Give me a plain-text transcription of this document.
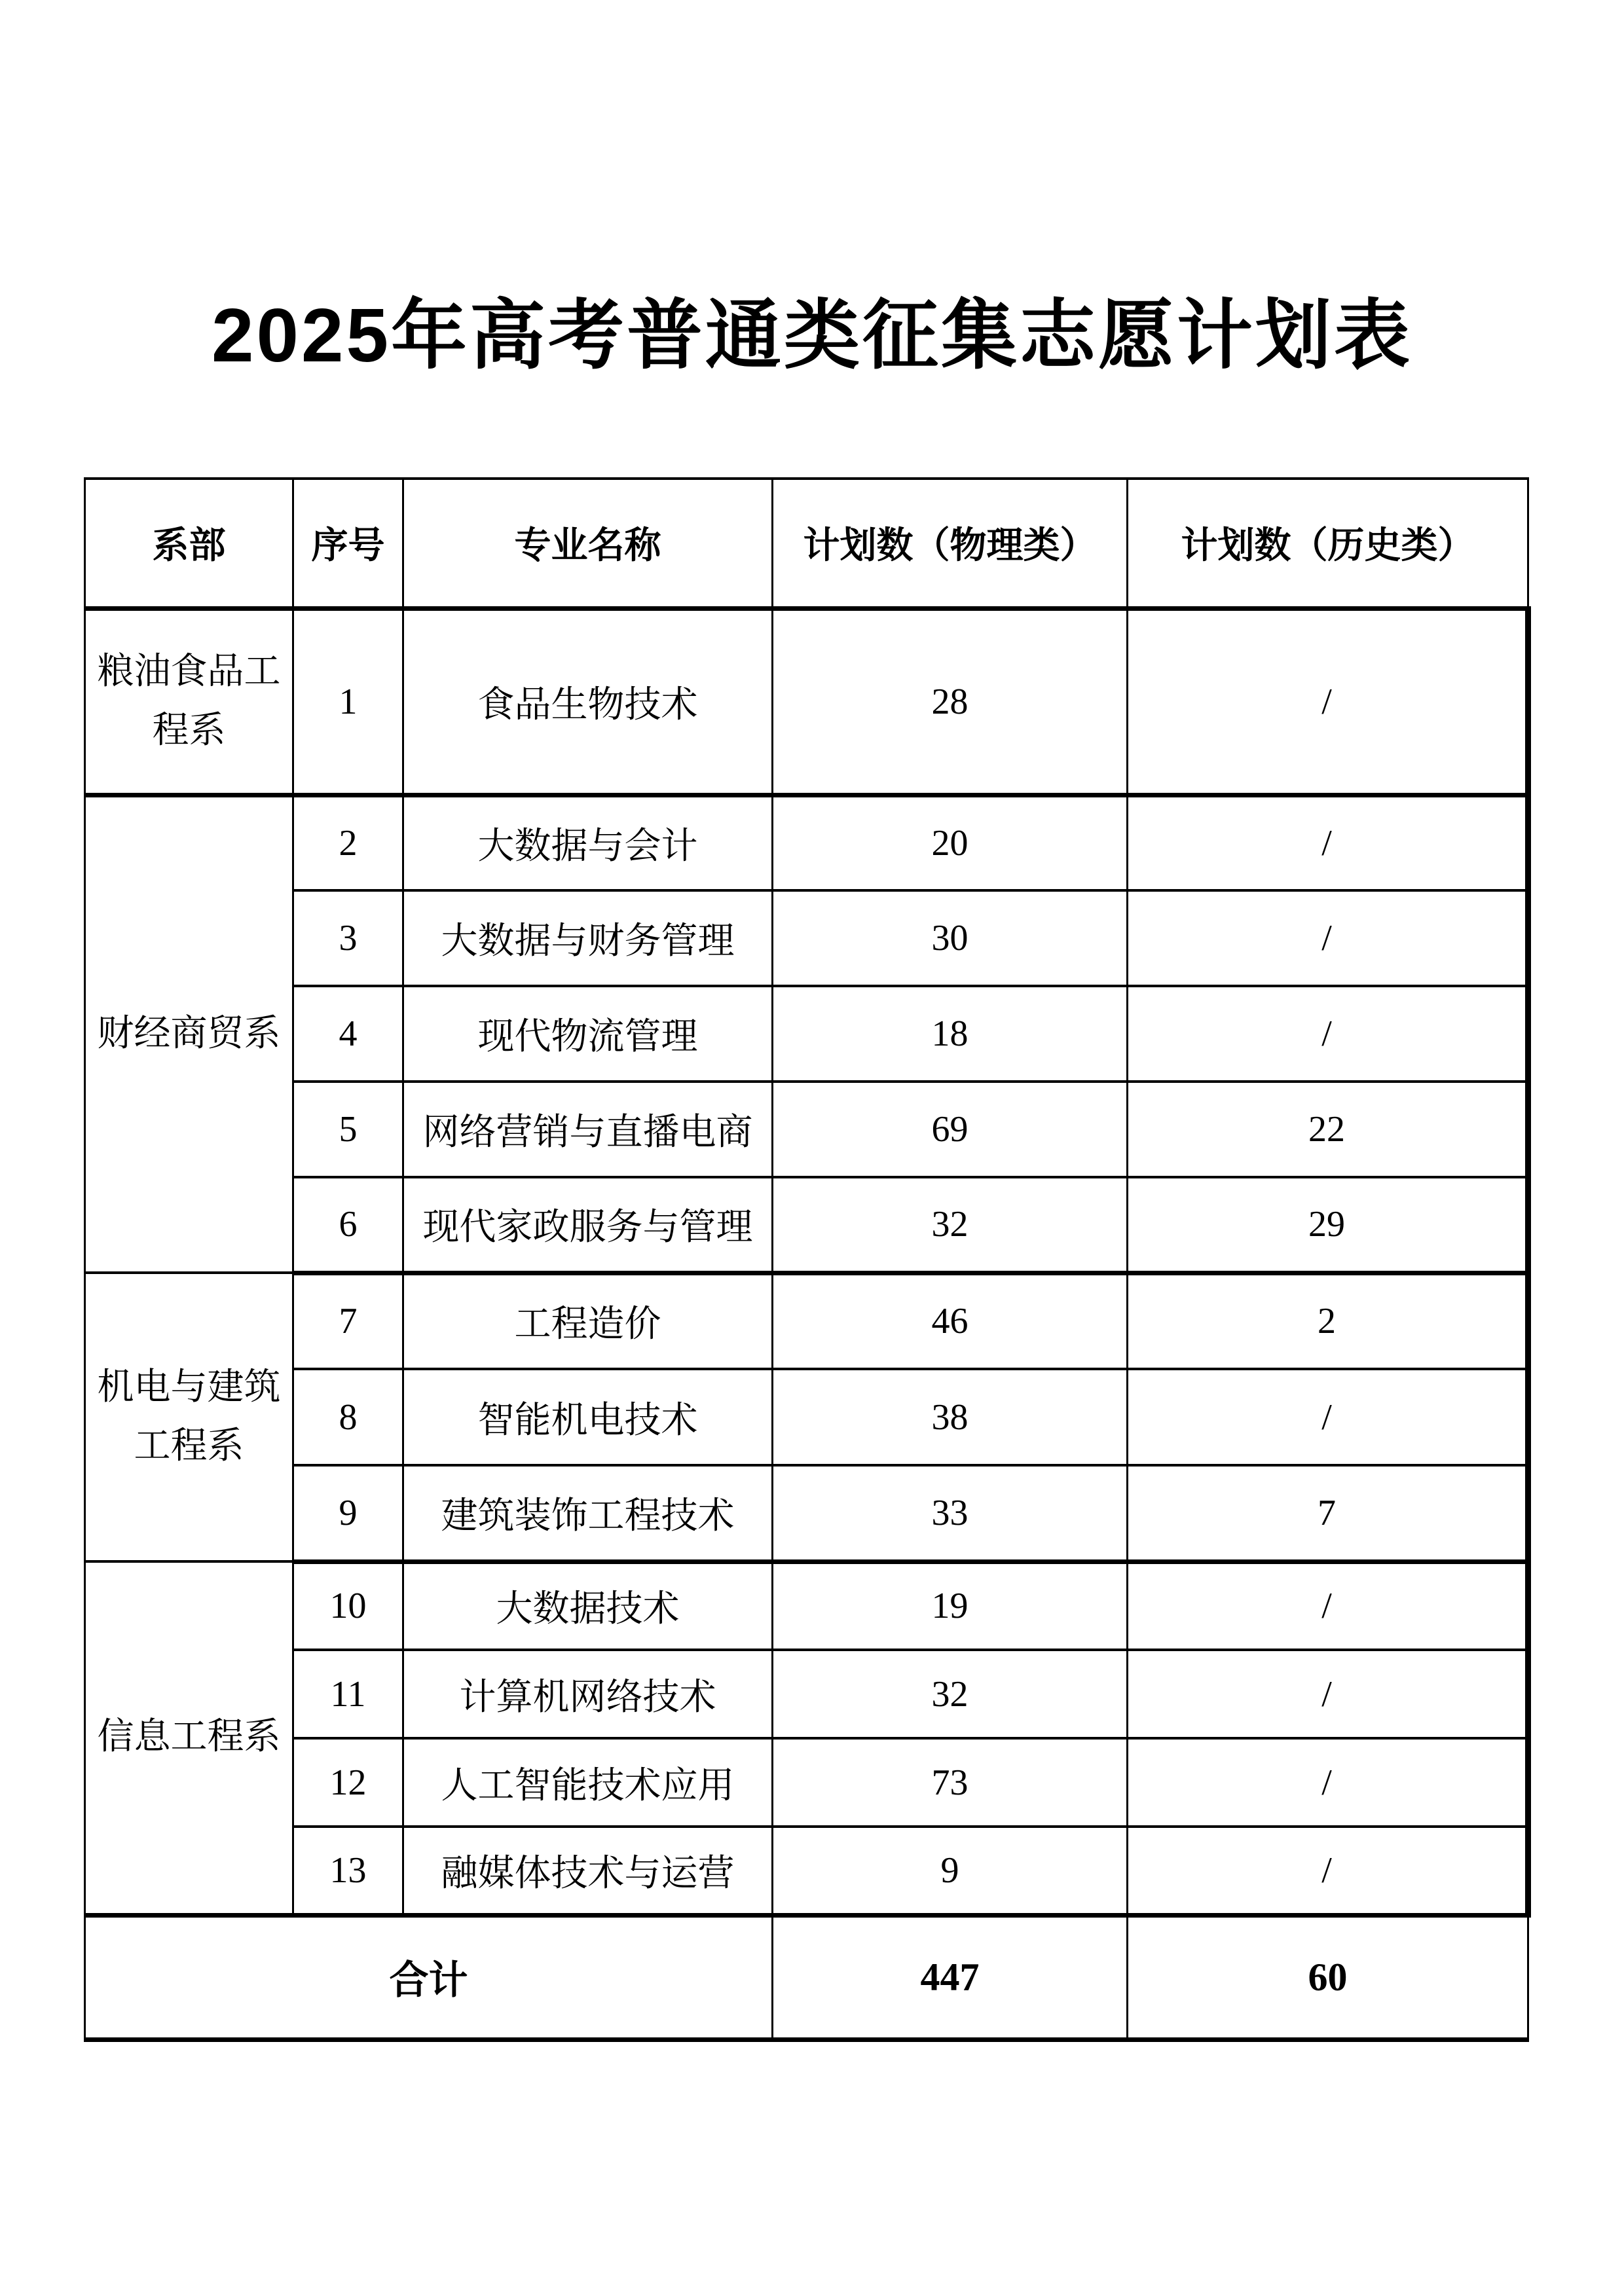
2025年高考普通类征集志愿计划表
系部	序号	专业名称	计划数（物理类）	计划数（历史类）
粮油食品工程系	1	食品生物技术	28	/
财经商贸系	2	大数据与会计	20	/
	3	大数据与财务管理	30	/
	4	现代物流管理	18	/
	5	网络营销与直播电商	69	22
	6	现代家政服务与管理	32	29
机电与建筑工程系	7	工程造价	46	2
	8	智能机电技术	38	/
	9	建筑装饰工程技术	33	7
信息工程系	10	大数据技术	19	/
	11	计算机网络技术	32	/
	12	人工智能技术应用	73	/
	13	融媒体技术与运营	9	/
合计			447	60
